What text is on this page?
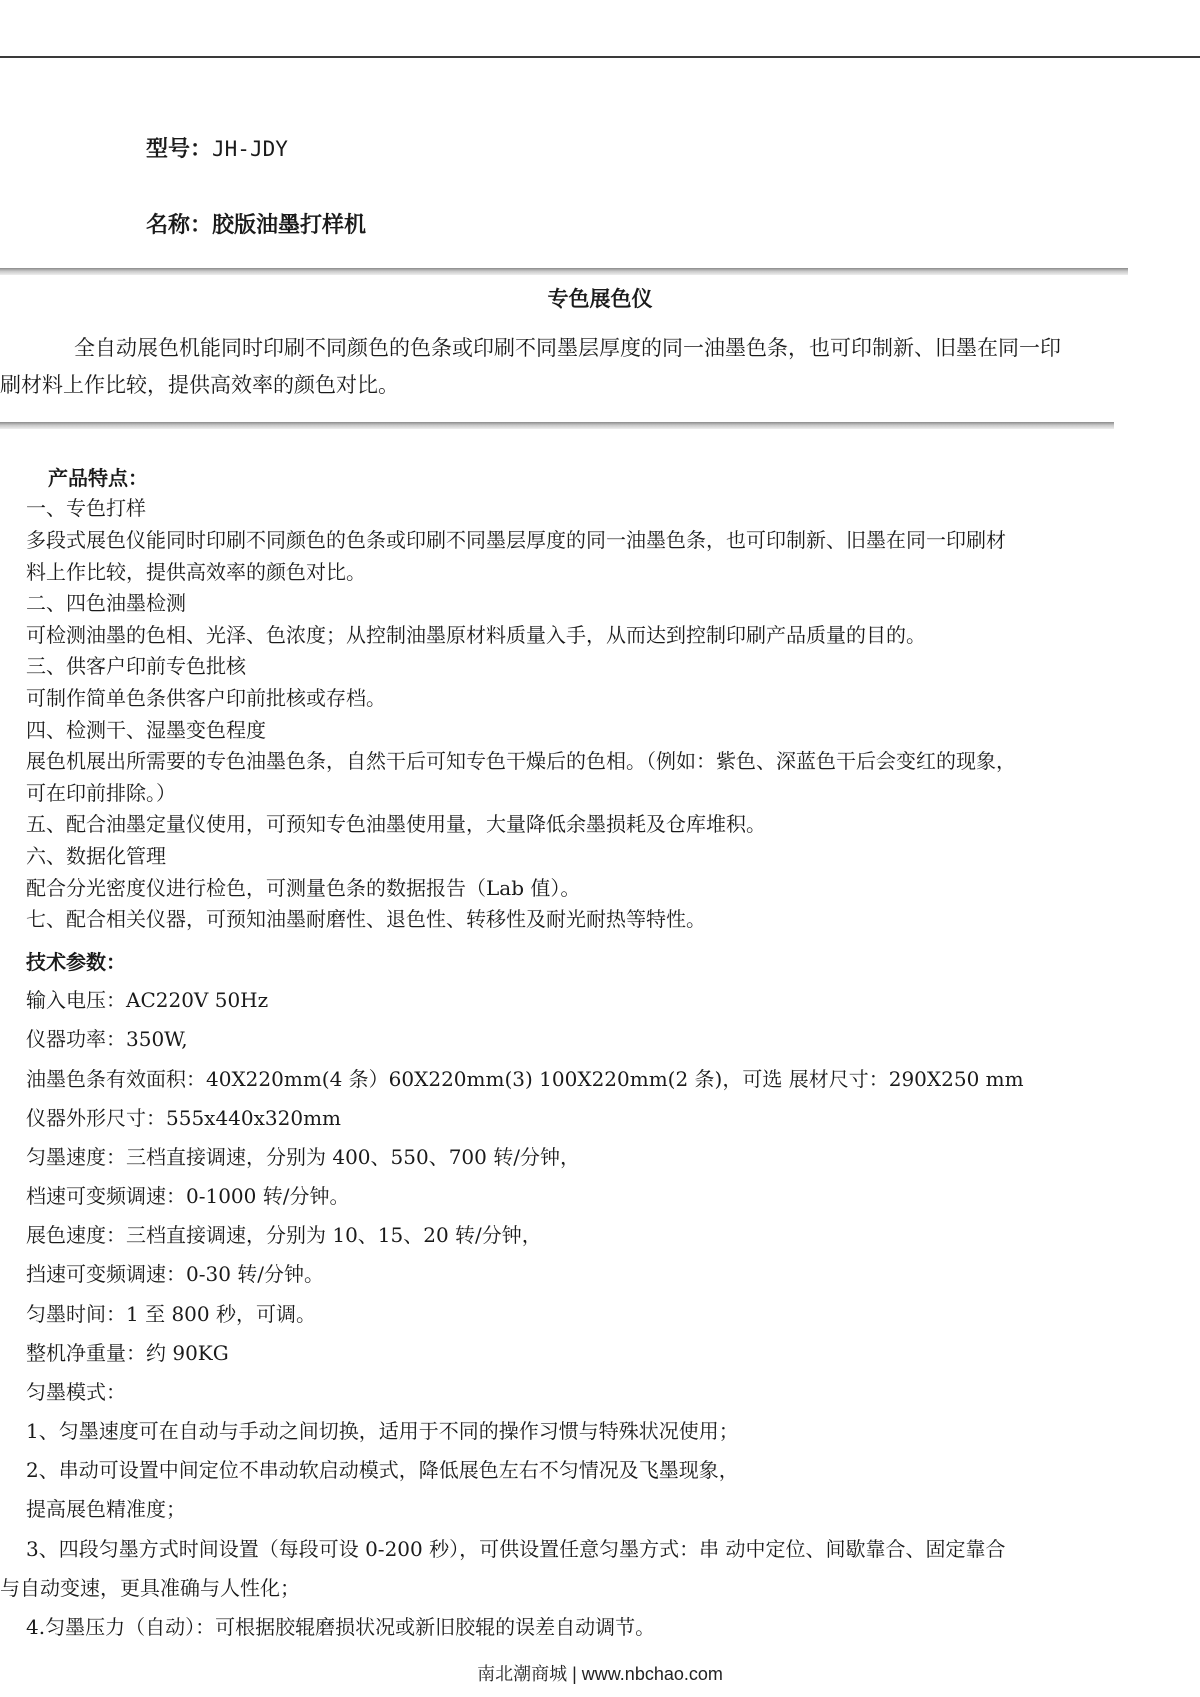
型号：JH-JDY
名称：胶版油墨打样机
专色展色仪
全自动展色机能同时印刷不同颜色的色条或印刷不同墨层厚度的同一油墨色条，也可印制新、旧墨在同一印
刷材料上作比较，提供高效率的颜色对比。
产品特点：
一、专色打样
多段式展色仪能同时印刷不同颜色的色条或印刷不同墨层厚度的同一油墨色条，也可印制新、旧墨在同一印刷材
料上作比较，提供高效率的颜色对比。
二、四色油墨检测
可检测油墨的色相、光泽、色浓度；从控制油墨原材料质量入手，从而达到控制印刷产品质量的目的。
三、供客户印前专色批核
可制作简单色条供客户印前批核或存档。
四、检测干、湿墨变色程度
展色机展出所需要的专色油墨色条，自然干后可知专色干燥后的色相。（例如：紫色、深蓝色干后会变红的现象，
可在印前排除。）
五、配合油墨定量仪使用，可预知专色油墨使用量，大量降低余墨损耗及仓库堆积。
六、数据化管理
配合分光密度仪进行检色，可测量色条的数据报告（Lab 值）。
七、配合相关仪器，可预知油墨耐磨性、退色性、转移性及耐光耐热等特性。
技术参数：
输入电压：AC220V 50Hz
仪器功率：350W,
油墨色条有效面积：40X220mm(4 条）60X220mm(3) 100X220mm(2 条)，可选 展材尺寸：290X250 mm
仪器外形尺寸：555x440x320mm
匀墨速度：三档直接调速，分别为 400、550、700 转/分钟，
档速可变频调速：0-1000 转/分钟。
展色速度：三档直接调速，分别为 10、15、20 转/分钟，
挡速可变频调速：0-30 转/分钟。
匀墨时间：1 至 800 秒，可调。
整机净重量：约 90KG
匀墨模式：
1、匀墨速度可在自动与手动之间切换，适用于不同的操作习惯与特殊状况使用；
2、串动可设置中间定位不串动软启动模式，降低展色左右不匀情况及飞墨现象，
提高展色精准度；
3、四段匀墨方式时间设置（每段可设 0-200 秒），可供设置任意匀墨方式：串 动中定位、间歇靠合、固定靠合
与自动变速，更具准确与人性化；
4.匀墨压力（自动）：可根据胶辊磨损状况或新旧胶辊的误差自动调节。
南北潮商城 | www.nbchao.com
